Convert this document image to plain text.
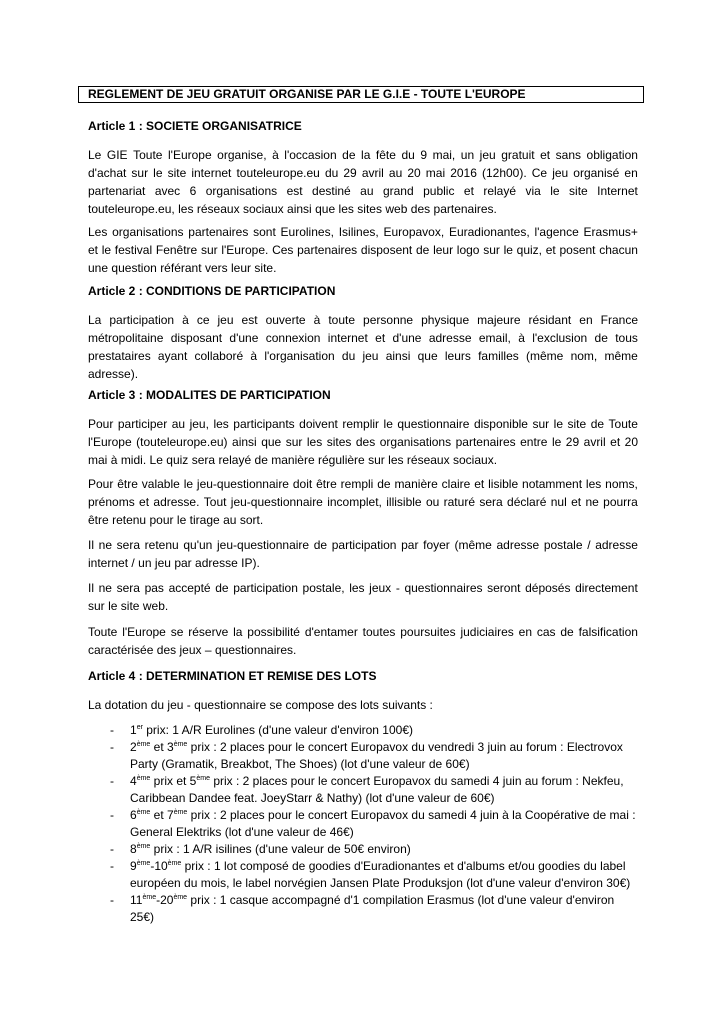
REGLEMENT DE JEU GRATUIT ORGANISE PAR LE G.I.E - TOUTE L'EUROPE
Article 1 : SOCIETE ORGANISATRICE
Le GIE Toute l'Europe organise, à l'occasion de la fête du 9 mai, un jeu gratuit et sans obligation
d'achat sur le site internet touteleurope.eu du 29 avril au 20 mai 2016 (12h00). Ce jeu organisé en
partenariat avec 6 organisations est destiné au grand public et relayé via le site Internet
touteleurope.eu, les réseaux sociaux ainsi que les sites web des partenaires.
Les organisations partenaires sont Eurolines, Isilines, Europavox, Euradionantes, l'agence Erasmus+
et le festival Fenêtre sur l'Europe. Ces partenaires disposent de leur logo sur le quiz, et posent chacun
une question référant vers leur site.
Article 2 : CONDITIONS DE PARTICIPATION
La participation à ce jeu est ouverte à toute personne physique majeure résidant en France
métropolitaine disposant d'une connexion internet et d'une adresse email, à l'exclusion de tous
prestataires ayant collaboré à l'organisation du jeu ainsi que leurs familles (même nom, même
adresse).
Article 3 : MODALITES DE PARTICIPATION
Pour participer au jeu, les participants doivent remplir le questionnaire disponible sur le site de Toute
l'Europe (touteleurope.eu) ainsi que sur les sites des organisations partenaires entre le 29 avril et 20
mai à midi. Le quiz sera relayé de manière régulière sur les réseaux sociaux.
Pour être valable le jeu-questionnaire doit être rempli de manière claire et lisible notamment les noms,
prénoms et adresse. Tout jeu-questionnaire incomplet, illisible ou raturé sera déclaré nul et ne pourra
être retenu pour le tirage au sort.
Il ne sera retenu qu'un jeu-questionnaire de participation par foyer (même adresse postale / adresse
internet / un jeu par adresse IP).
Il ne sera pas accepté de participation postale, les jeux - questionnaires seront déposés directement
sur le site web.
Toute l'Europe se réserve la possibilité d'entamer toutes poursuites judiciaires en cas de falsification
caractérisée des jeux – questionnaires.
Article 4 : DETERMINATION ET REMISE DES LOTS
La dotation du jeu - questionnaire se compose des lots suivants :
- 1er prix: 1 A/R Eurolines (d'une valeur d'environ 100€)
- 2ème et 3ème prix : 2 places pour le concert Europavox du vendredi 3 juin au forum : Electrovox Party (Gramatik, Breakbot, The Shoes) (lot d'une valeur de 60€)
- 4ème prix et 5ème prix : 2 places pour le concert Europavox du samedi 4 juin au forum : Nekfeu, Caribbean Dandee feat. JoeyStarr & Nathy) (lot d'une valeur de 60€)
- 6ème et 7ème prix : 2 places pour le concert Europavox du samedi 4 juin à la Coopérative de mai : General Elektriks (lot d'une valeur de 46€)
- 8ème prix : 1 A/R isilines (d'une valeur de 50€ environ)
- 9ème-10ème prix : 1 lot composé de goodies d'Euradionantes et d'albums et/ou goodies du label européen du mois, le label norvégien Jansen Plate Produksjon (lot d'une valeur d'environ 30€)
- 11ème-20ème prix : 1 casque accompagné d'1 compilation Erasmus (lot d'une valeur d'environ 25€)
